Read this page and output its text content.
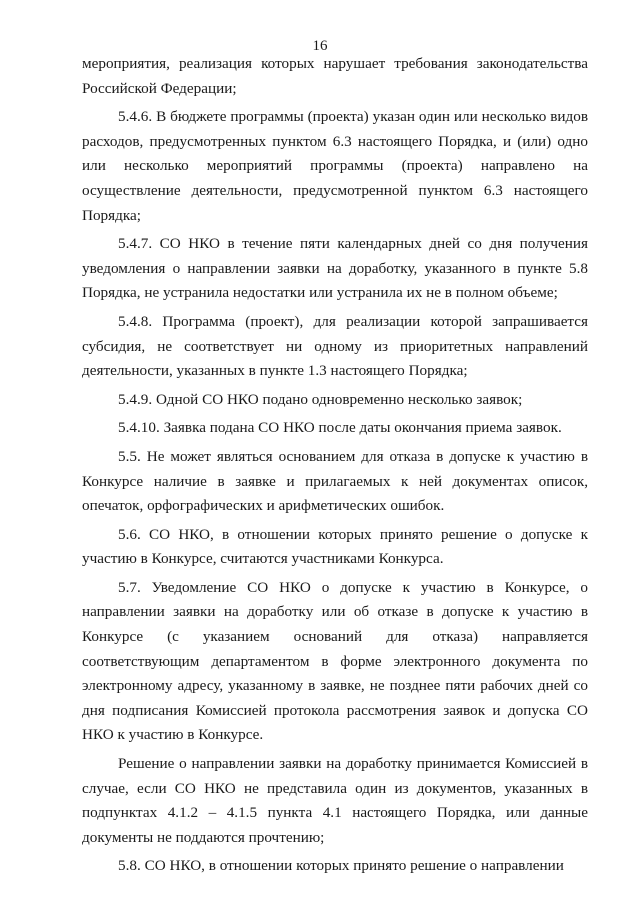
16

мероприятия, реализация которых нарушает требования законодательства Российской Федерации;

5.4.6. В бюджете программы (проекта) указан один или несколько видов расходов, предусмотренных пунктом 6.3 настоящего Порядка, и (или) одно или несколько мероприятий программы (проекта) направлено на осуществление деятельности, предусмотренной пунктом 6.3 настоящего Порядка;

5.4.7. СО НКО в течение пяти календарных дней со дня получения уведомления о направлении заявки на доработку, указанного в пункте 5.8 Порядка, не устранила недостатки или устранила их не в полном объеме;

5.4.8. Программа (проект), для реализации которой запрашивается субсидия, не соответствует ни одному из приоритетных направлений деятельности, указанных в пункте 1.3 настоящего Порядка;

5.4.9. Одной СО НКО подано одновременно несколько заявок;

5.4.10. Заявка подана СО НКО после даты окончания приема заявок.

5.5. Не может являться основанием для отказа в допуске к участию в Конкурсе наличие в заявке и прилагаемых к ней документах описок, опечаток, орфографических и арифметических ошибок.

5.6. СО НКО, в отношении которых принято решение о допуске к участию в Конкурсе, считаются участниками Конкурса.

5.7. Уведомление СО НКО о допуске к участию в Конкурсе, о направлении заявки на доработку или об отказе в допуске к участию в Конкурсе (с указанием оснований для отказа) направляется соответствующим департаментом в форме электронного документа по электронному адресу, указанному в заявке, не позднее пяти рабочих дней со дня подписания Комиссией протокола рассмотрения заявок и допуска СО НКО к участию в Конкурсе.

Решение о направлении заявки на доработку принимается Комиссией в случае, если СО НКО не представила один из документов, указанных в подпунктах 4.1.2 – 4.1.5 пункта 4.1 настоящего Порядка, или данные документы не поддаются прочтению;

5.8. СО НКО, в отношении которых принято решение о направлении
